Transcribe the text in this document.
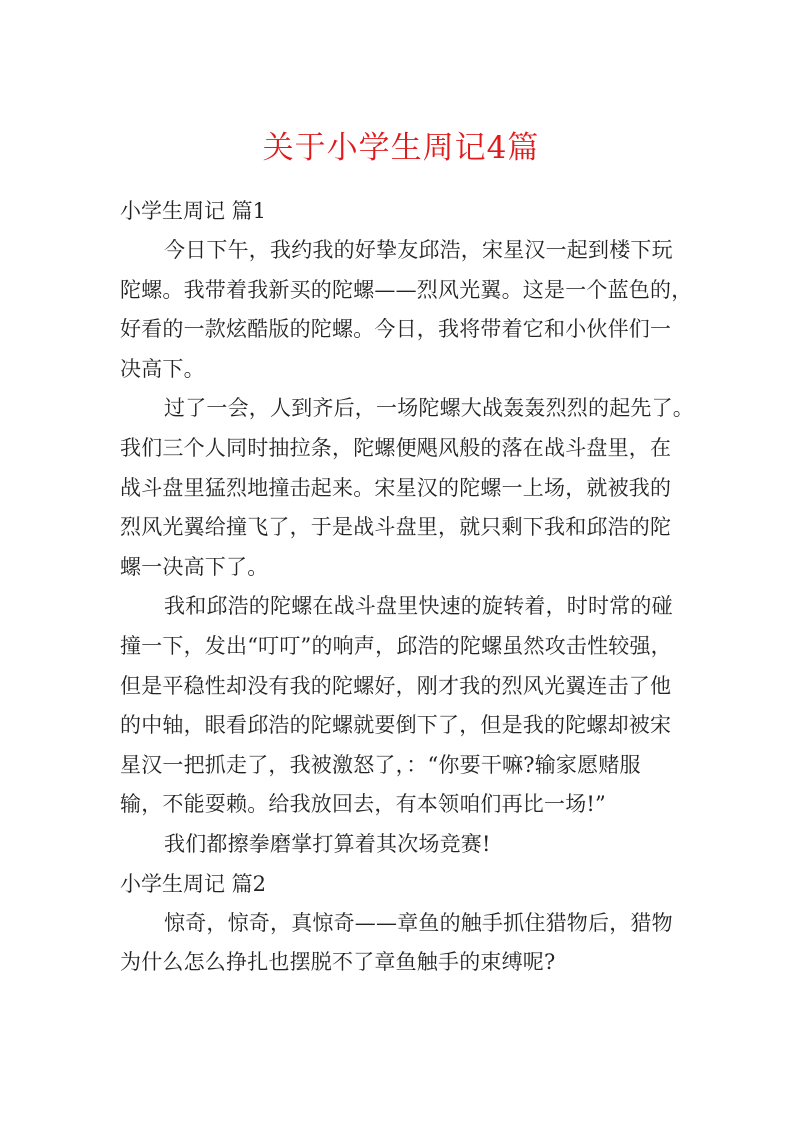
关于小学生周记4篇
小学生周记 篇1
今日下午，我约我的好挚友邱浩，宋星汉一起到楼下玩
陀螺。我带着我新买的陀螺——烈风光翼。这是一个蓝色的，
好看的一款炫酷版的陀螺。今日，我将带着它和小伙伴们一
决高下。
过了一会，人到齐后，一场陀螺大战轰轰烈烈的起先了。
我们三个人同时抽拉条，陀螺便飓风般的落在战斗盘里，在
战斗盘里猛烈地撞击起来。宋星汉的陀螺一上场，就被我的
烈风光翼给撞飞了，于是战斗盘里，就只剩下我和邱浩的陀
螺一决高下了。
我和邱浩的陀螺在战斗盘里快速的旋转着，时时常的碰
撞一下，发出“叮叮”的响声，邱浩的陀螺虽然攻击性较强，
但是平稳性却没有我的陀螺好，刚才我的烈风光翼连击了他
的中轴，眼看邱浩的陀螺就要倒下了，但是我的陀螺却被宋
星汉一把抓走了，我被激怒了，：“你要干嘛?输家愿赌服
输，不能耍赖。给我放回去，有本领咱们再比一场!”
我们都擦拳磨掌打算着其次场竞赛!
小学生周记 篇2
惊奇，惊奇，真惊奇——章鱼的触手抓住猎物后，猎物
为什么怎么挣扎也摆脱不了章鱼触手的束缚呢?
